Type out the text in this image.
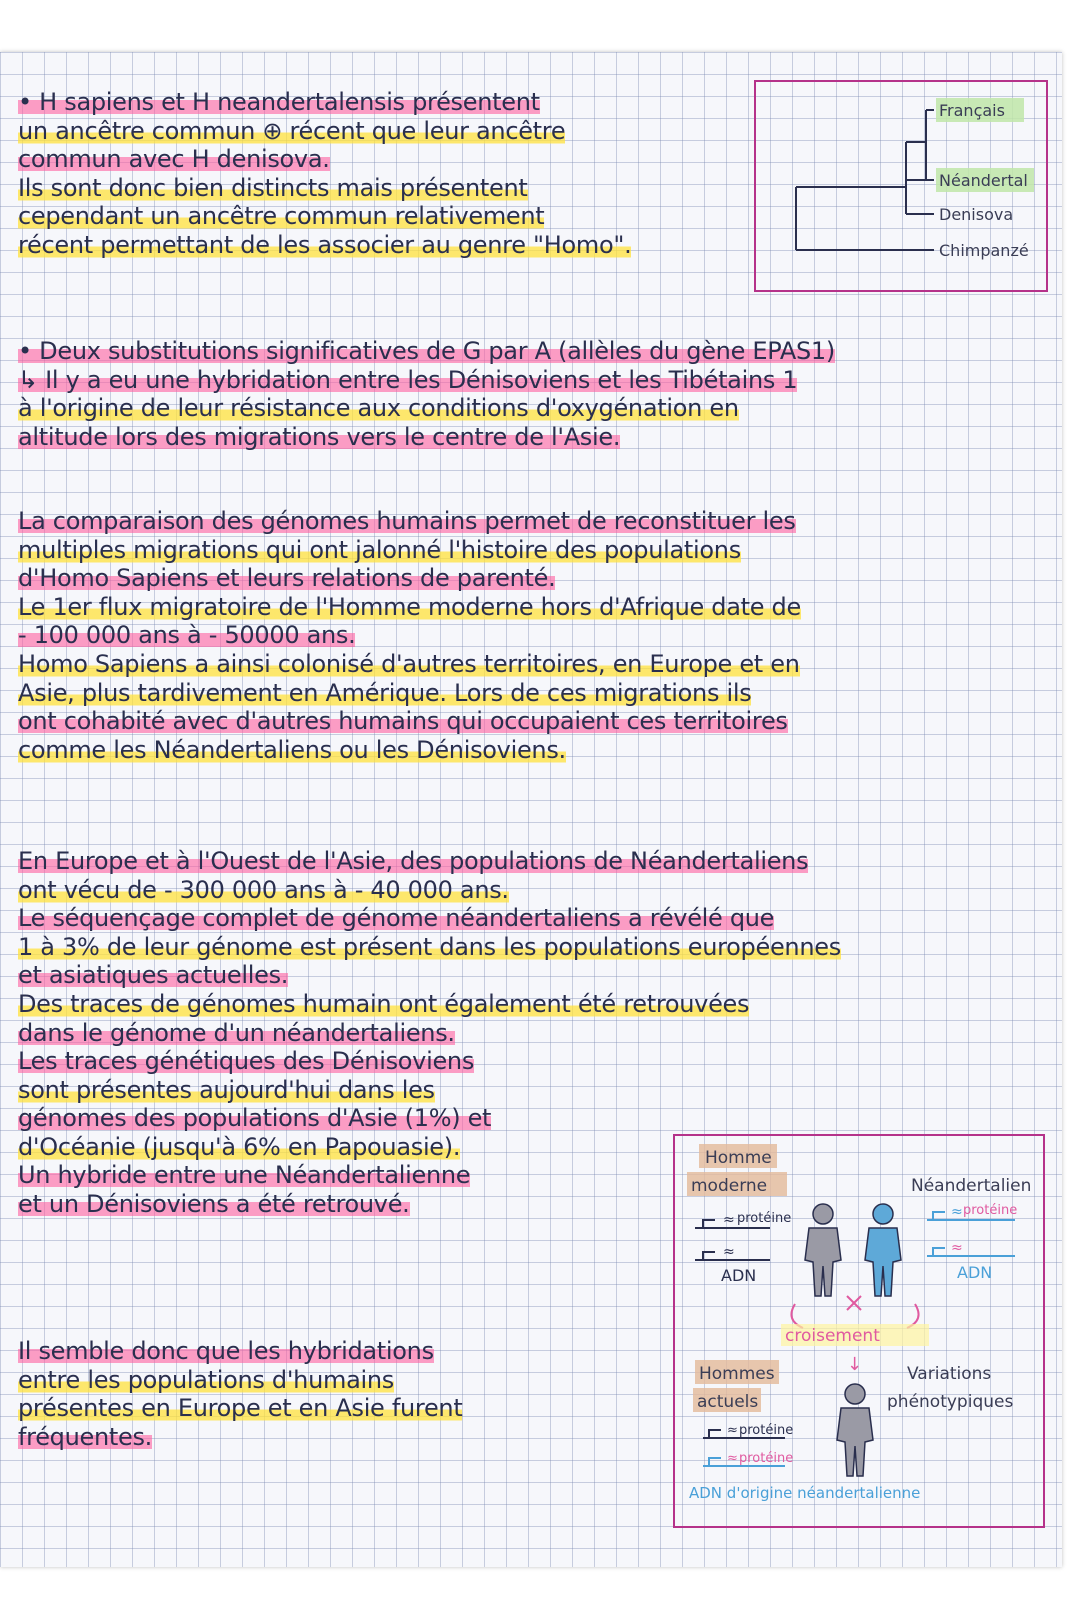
• H sapiens et H neandertalensis présentent

un ancêtre commun ⊕ récent que leur ancêtre

commun avec H denisova.

Ils sont donc bien distincts mais présentent

cependant un ancêtre commun relativement

récent permettant de les associer au genre "Homo".

Français
Néandertal
Denisova
Chimpanzé

• Deux substitutions significatives de G par A (allèles du gène EPAS1)

↳ Il y a eu une hybridation entre les Dénisoviens et les Tibétains 1

à l'origine de leur résistance aux conditions d'oxygénation en

altitude lors des migrations vers le centre de l'Asie.

La comparaison des génomes humains permet de reconstituer les

multiples migrations qui ont jalonné l'histoire des populations

d'Homo Sapiens et leurs relations de parenté.

Le 1er flux migratoire de l'Homme moderne hors d'Afrique date de

- 100 000 ans à - 50000 ans.

Homo Sapiens a ainsi colonisé d'autres territoires, en Europe et en

Asie, plus tardivement en Amérique. Lors de ces migrations ils

ont cohabité avec d'autres humains qui occupaient ces territoires

comme les Néandertaliens ou les Dénisoviens.

En Europe et à l'Ouest de l'Asie, des populations de Néandertaliens

ont vécu de - 300 000 ans à - 40 000 ans.

Le séquençage complet de génome néandertaliens a révélé que

1 à 3% de leur génome est présent dans les populations européennes

et asiatiques actuelles.

Des traces de génomes humain ont également été retrouvées

dans le génome d'un néandertaliens.

Les traces génétiques des Dénisoviens

sont présentes aujourd'hui dans les

génomes des populations d'Asie (1%) et

d'Océanie (jusqu'à 6% en Papouasie).

Un hybride entre une Néandertalienne

et un Dénisoviens a été retrouvé.

Il semble donc que les hybridations

entre les populations d'humains

présentes en Europe et en Asie furent

fréquentes.

Homme
moderne	Néandertalien
≈ protéine
≈
ADN
≈ protéine
≈
ADN
croisement
↓
Hommes
actuels
Variations
phénotypiques
≈ protéine
≈ protéine
ADN d'origine néandertalienne
